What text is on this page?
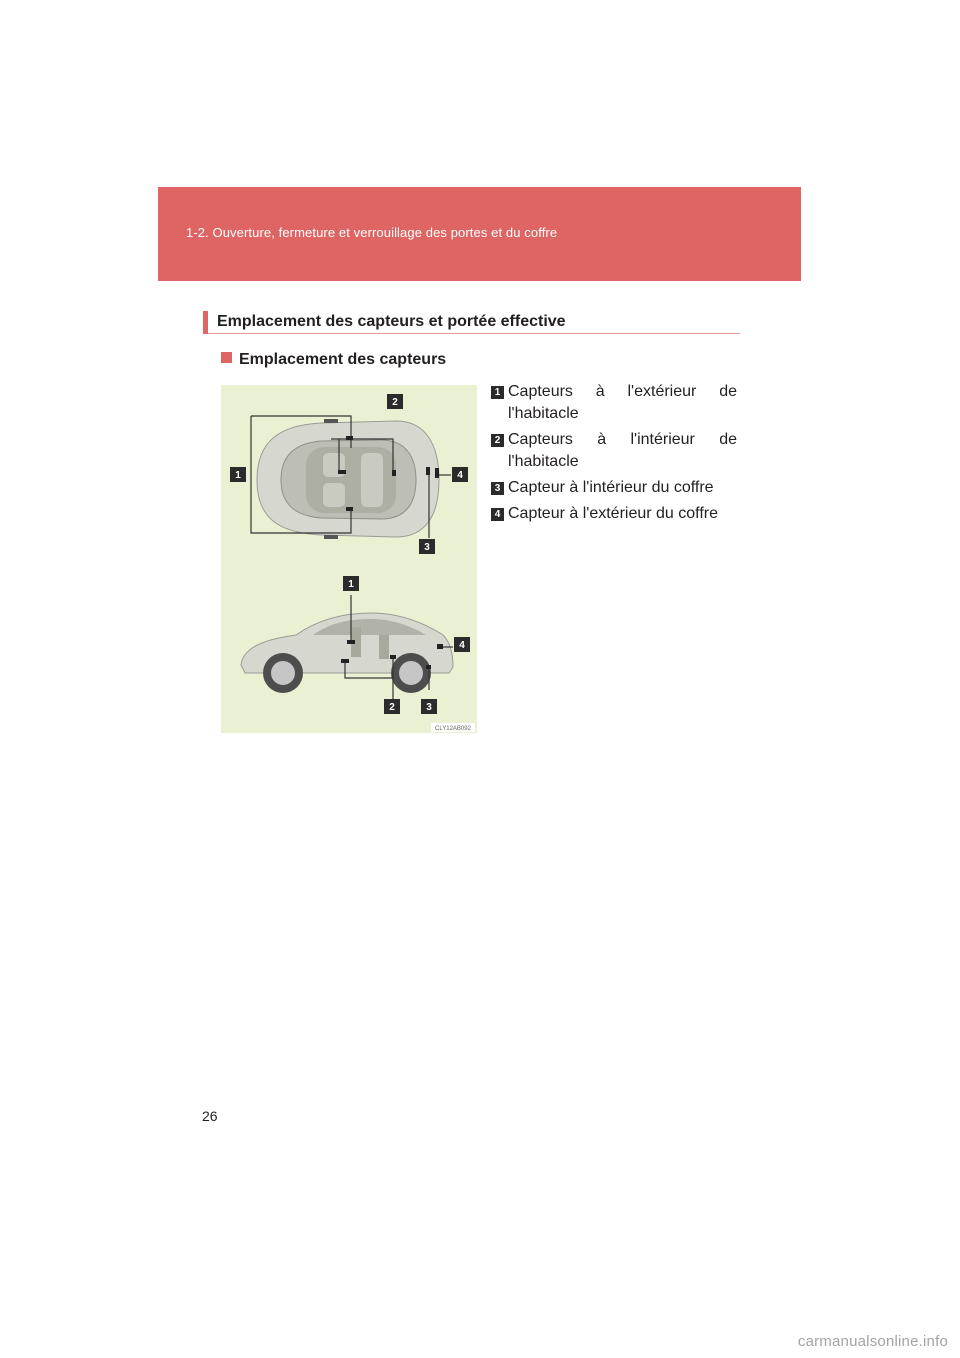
1-2. Ouverture, fermeture et verrouillage des portes et du coffre
Emplacement des capteurs et portée effective
Emplacement des capteurs
1
2
4
3
1
4
2	3
CLY12AB092
1 Capteurs à l'extérieur de l'habitacle
2 Capteurs à l'intérieur de l'habitacle
3 Capteur à l'intérieur du coffre
4 Capteur à l'extérieur du coffre
26
carmanualsonline.info
